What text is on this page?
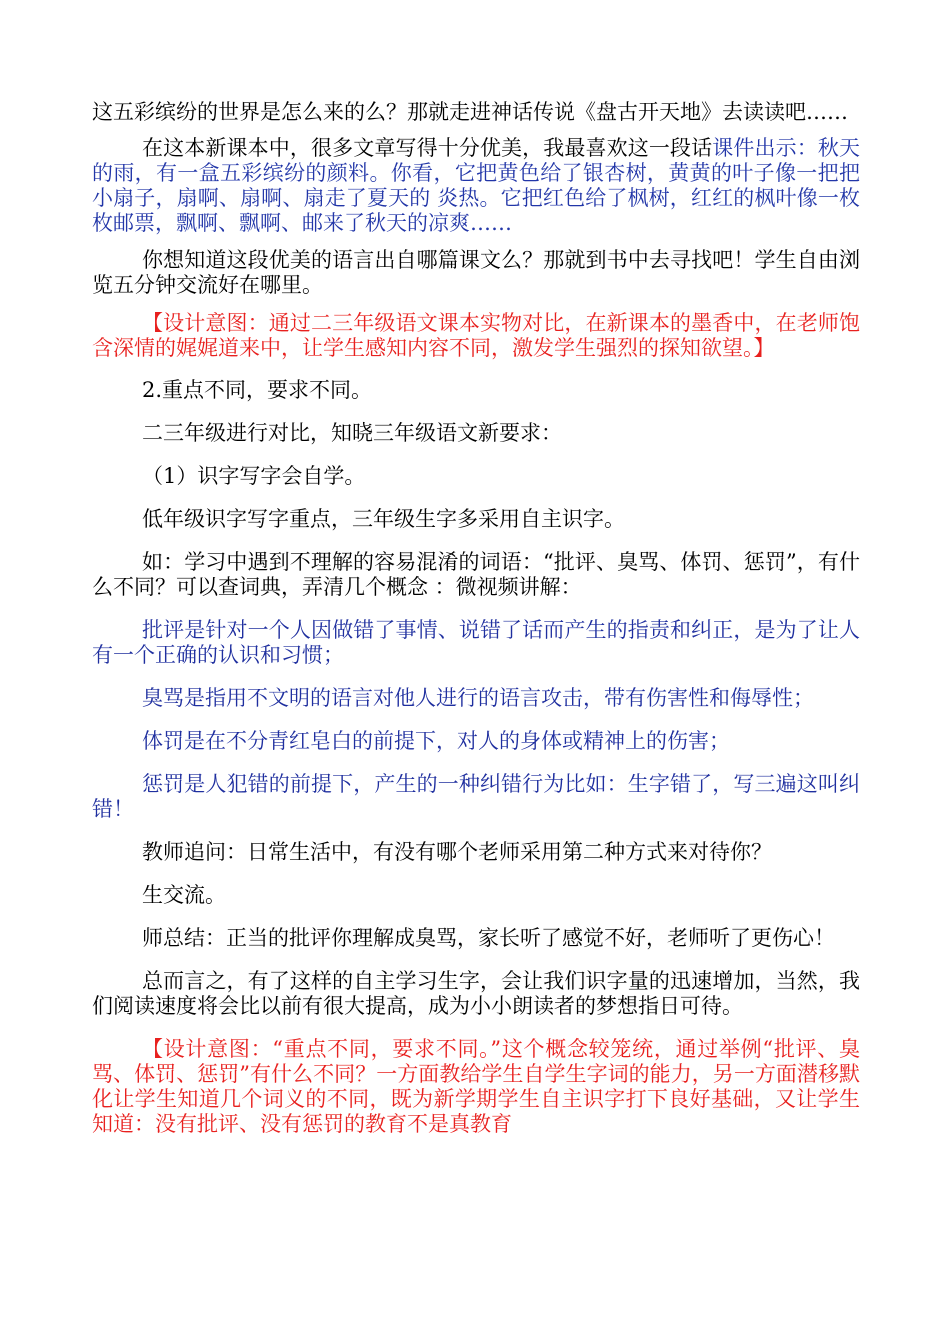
这五彩缤纷的世界是怎么来的么？那就走进神话传说《盘古开天地》去读读吧……

在这本新课本中，很多文章写得十分优美，我最喜欢这一段话课件出示：秋天的雨，有一盒五彩缤纷的颜料。你看，它把黄色给了银杏树，黄黄的叶子像一把把小扇子，扇啊、扇啊、扇走了夏天的 炎热。它把红色给了枫树，红红的枫叶像一枚枚邮票，飘啊、飘啊、邮来了秋天的凉爽……

你想知道这段优美的语言出自哪篇课文么？那就到书中去寻找吧！学生自由浏览五分钟交流好在哪里。

【设计意图：通过二三年级语文课本实物对比，在新课本的墨香中，在老师饱含深情的娓娓道来中，让学生感知内容不同，激发学生强烈的探知欲望。】

2.重点不同，要求不同。

二三年级进行对比，知晓三年级语文新要求：

（1）识字写字会自学。

低年级识字写字重点，三年级生字多采用自主识字。

如：学习中遇到不理解的容易混淆的词语：“批评、臭骂、体罚、惩罚”，有什么不同？可以查词典，弄清几个概念 ：微视频讲解：

批评是针对一个人因做错了事情、说错了话而产生的指责和纠正，是为了让人有一个正确的认识和习惯；

臭骂是指用不文明的语言对他人进行的语言攻击，带有伤害性和侮辱性；

体罚是在不分青红皂白的前提下，对人的身体或精神上的伤害；

惩罚是人犯错的前提下，产生的一种纠错行为比如：生字错了，写三遍这叫纠错！

教师追问：日常生活中，有没有哪个老师采用第二种方式来对待你？

生交流。

师总结：正当的批评你理解成臭骂，家长听了感觉不好，老师听了更伤心！

总而言之，有了这样的自主学习生字，会让我们识字量的迅速增加，当然，我们阅读速度将会比以前有很大提高，成为小小朗读者的梦想指日可待。

【设计意图：“重点不同，要求不同。”这个概念较笼统，通过举例“批评、臭骂、体罚、惩罚”有什么不同？一方面教给学生自学生字词的能力，另一方面潜移默化让学生知道几个词义的不同，既为新学期学生自主识字打下良好基础，又让学生知道：没有批评、没有惩罚的教育不是真教育
